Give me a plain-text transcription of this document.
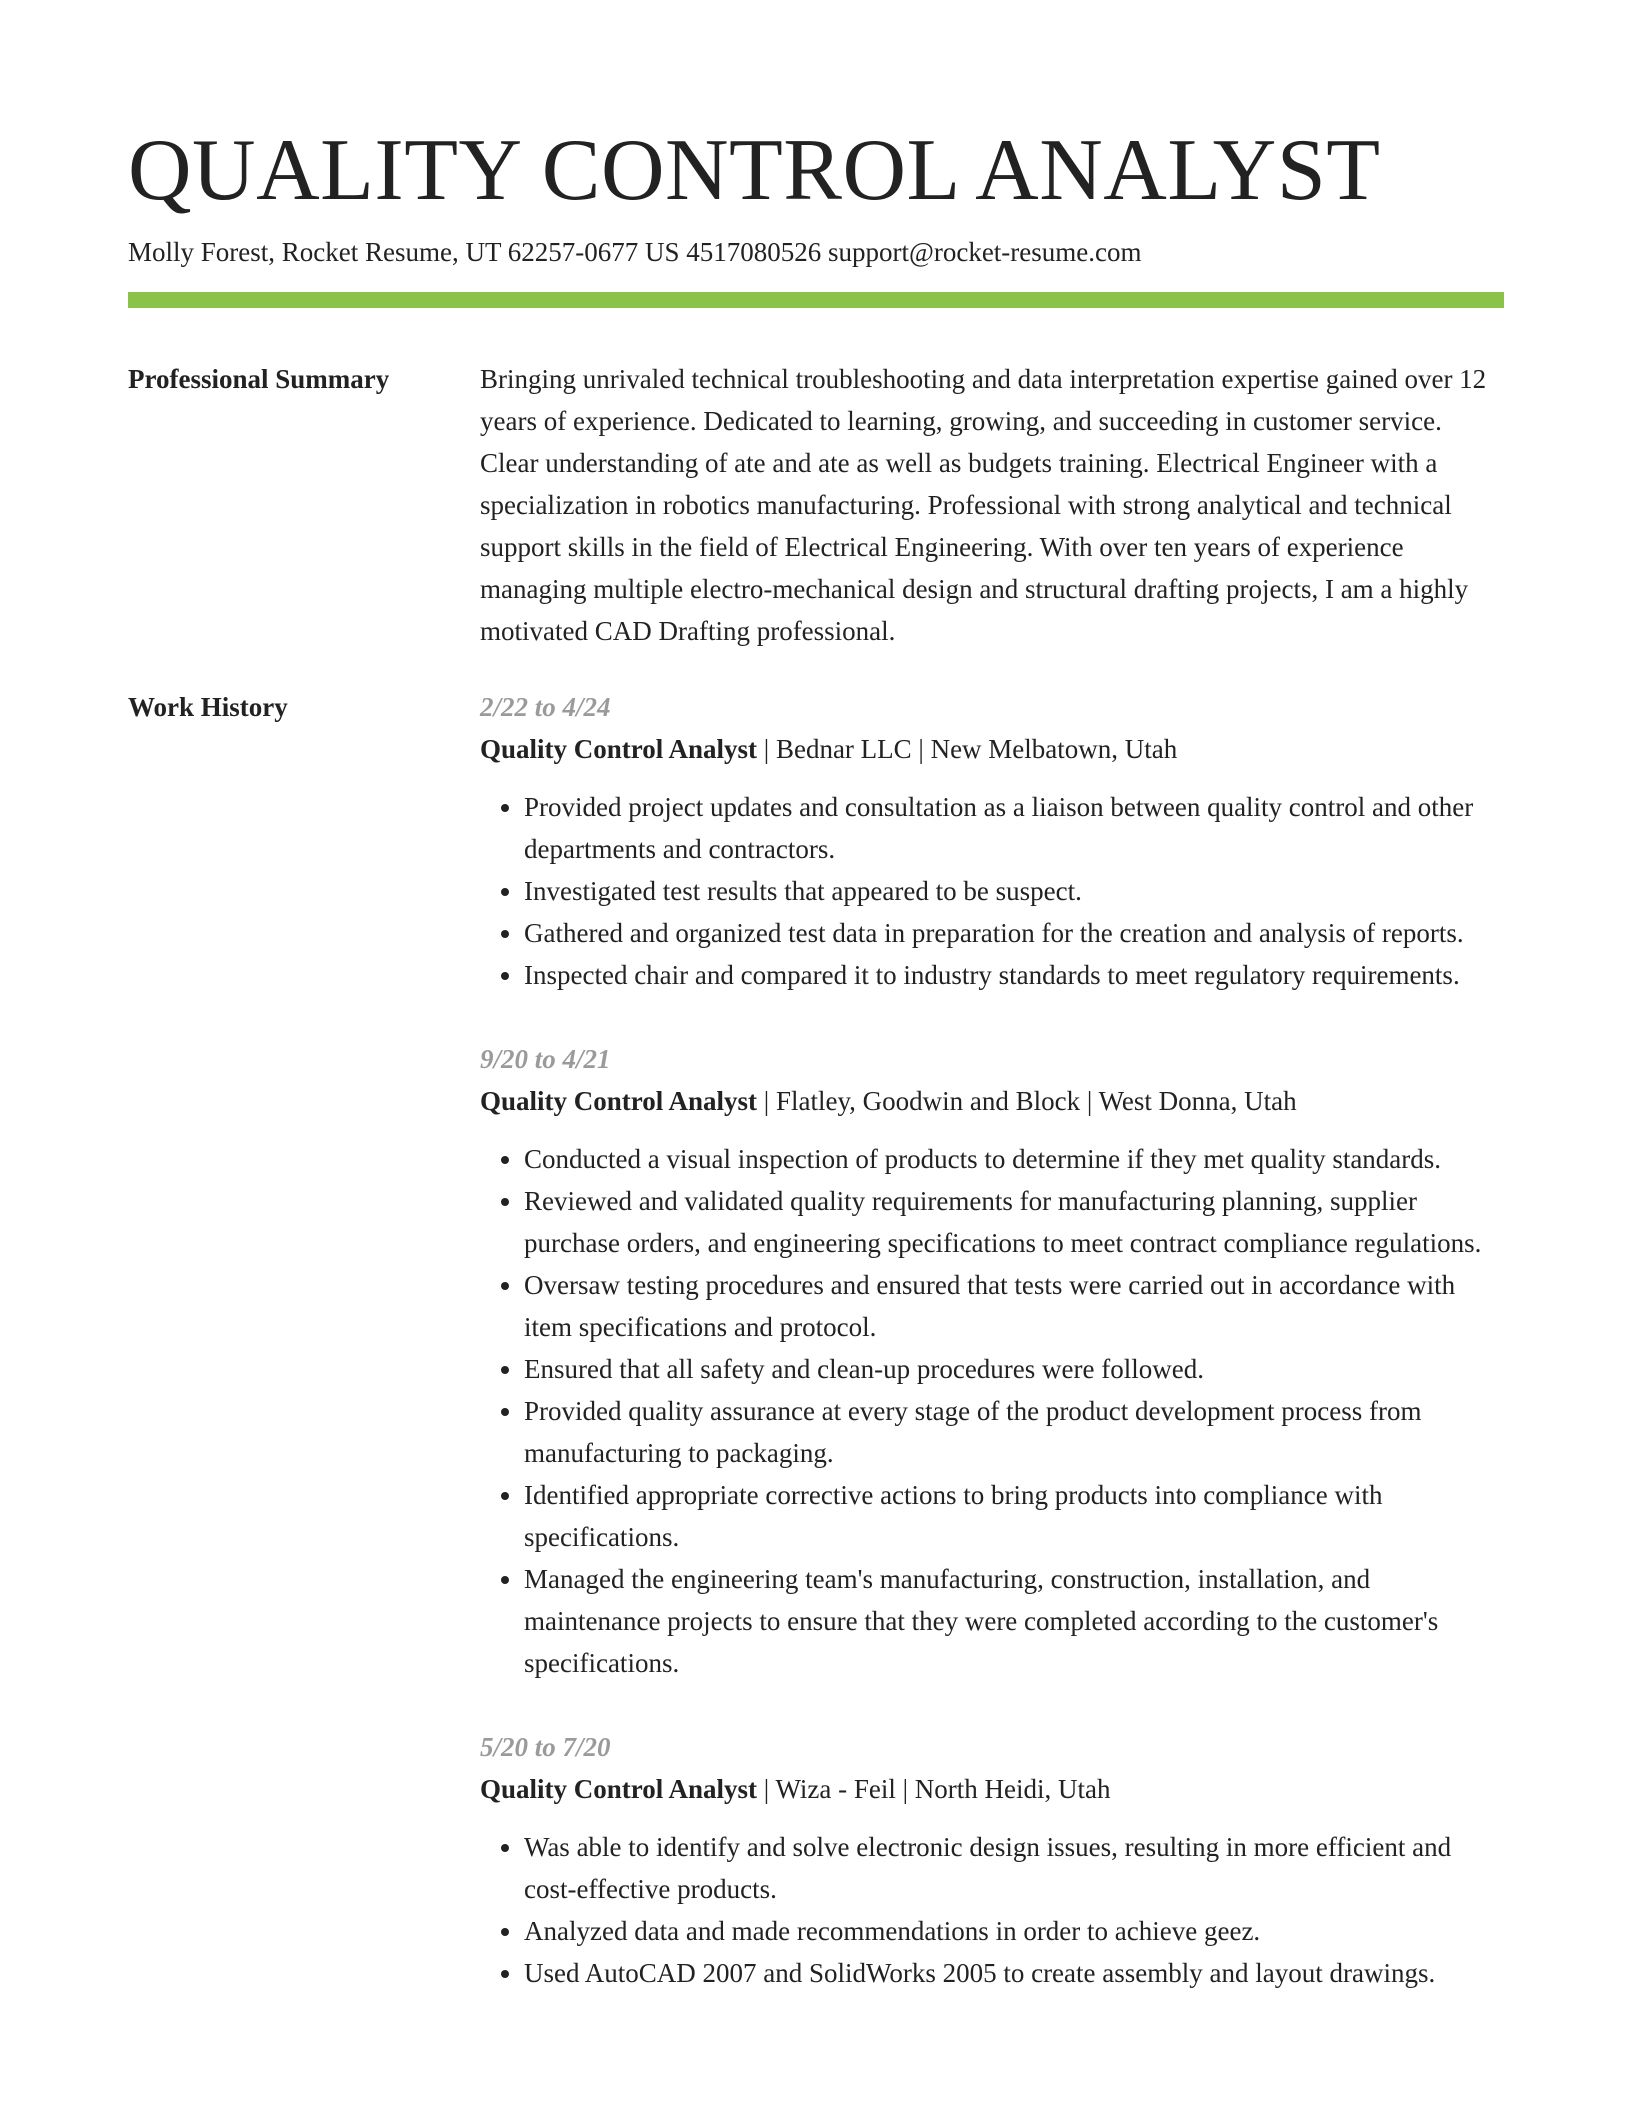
QUALITY CONTROL ANALYST
Molly Forest, Rocket Resume, UT 62257-0677 US 4517080526 support@rocket-resume.com
Professional Summary	Bringing unrivaled technical troubleshooting and data interpretation expertise gained over 12 years of experience. Dedicated to learning, growing, and succeeding in customer service. Clear understanding of ate and ate as well as budgets training. Electrical Engineer with a specialization in robotics manufacturing. Professional with strong analytical and technical support skills in the field of Electrical Engineering. With over ten years of experience managing multiple electro-mechanical design and structural drafting projects, I am a highly motivated CAD Drafting professional.

Work History	2/22 to 4/24
Quality Control Analyst | Bednar LLC | New Melbatown, Utah
• Provided project updates and consultation as a liaison between quality control and other departments and contractors.
• Investigated test results that appeared to be suspect.
• Gathered and organized test data in preparation for the creation and analysis of reports.
• Inspected chair and compared it to industry standards to meet regulatory requirements.
9/20 to 4/21
Quality Control Analyst | Flatley, Goodwin and Block | West Donna, Utah
• Conducted a visual inspection of products to determine if they met quality standards.
• Reviewed and validated quality requirements for manufacturing planning, supplier purchase orders, and engineering specifications to meet contract compliance regulations.
• Oversaw testing procedures and ensured that tests were carried out in accordance with item specifications and protocol.
• Ensured that all safety and clean-up procedures were followed.
• Provided quality assurance at every stage of the product development process from manufacturing to packaging.
• Identified appropriate corrective actions to bring products into compliance with specifications.
• Managed the engineering team's manufacturing, construction, installation, and maintenance projects to ensure that they were completed according to the customer's specifications.
5/20 to 7/20
Quality Control Analyst | Wiza - Feil | North Heidi, Utah
• Was able to identify and solve electronic design issues, resulting in more efficient and cost-effective products.
• Analyzed data and made recommendations in order to achieve geez.
• Used AutoCAD 2007 and SolidWorks 2005 to create assembly and layout drawings.
